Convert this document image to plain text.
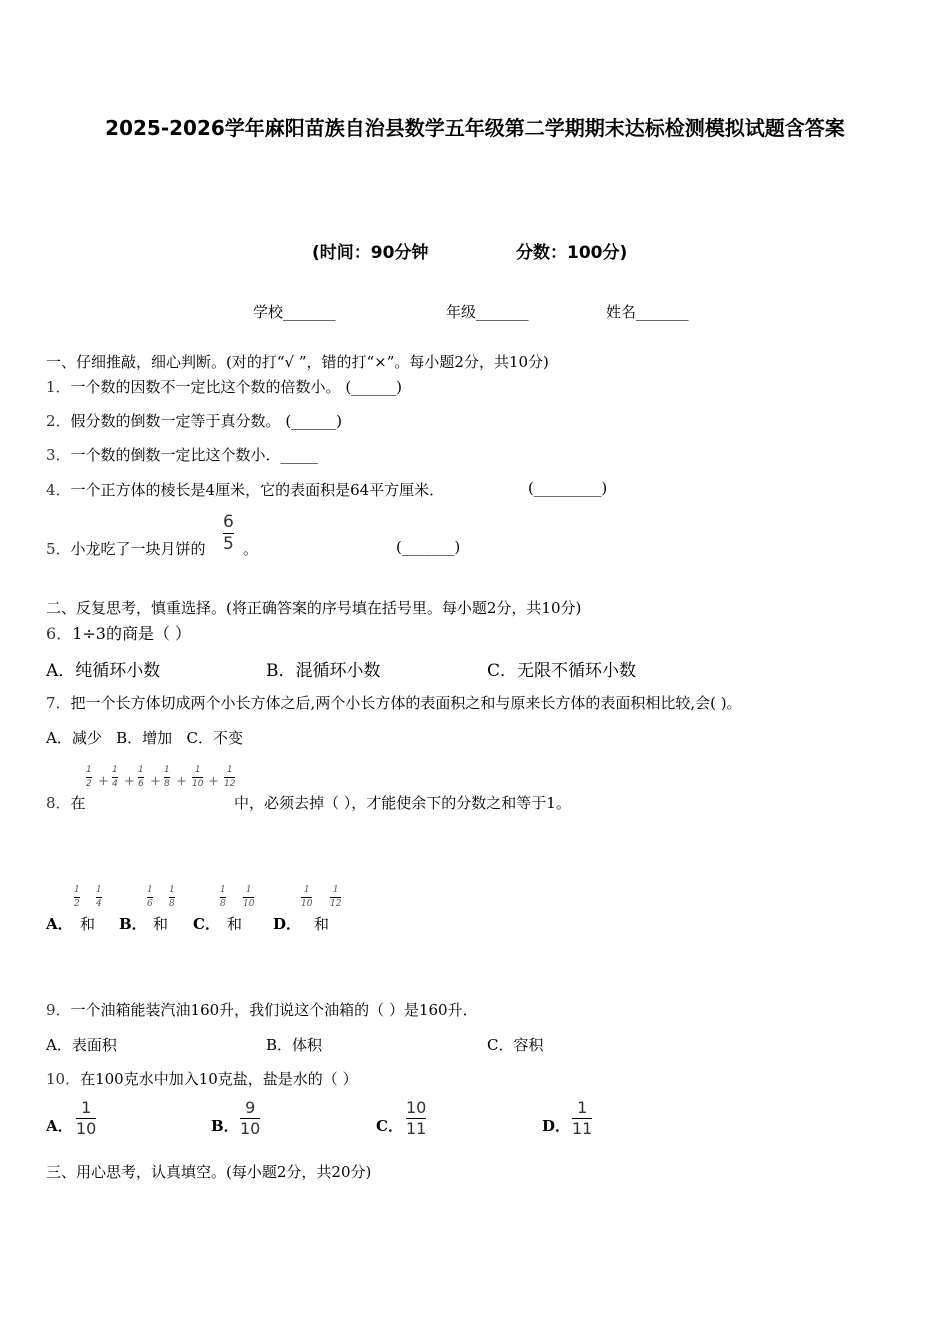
2025-2026学年麻阳苗族自治县数学五年级第二学期期末达标检测模拟试题含答案
(时间：90分钟	分数：100分)
学校_______	年级_______	姓名_______
一、仔细推敲，细心判断。(对的打“√ ”，错的打“×”。每小题2分，共10分)
1．一个数的因数不一定比这个数的倍数小。 (______)
2．假分数的倒数一定等于真分数。 (______)
3．一个数的倒数一定比这个数小．_____
4．一个正方体的棱长是4厘米，它的表面积是64平方厘米．	(_________)
5．小龙吃了一块月饼的
6
5 。	(_______)
二、反复思考，慎重选择。(将正确答案的序号填在括号里。每小题2分，共10分)
6．1÷3的商是（ ）
A．纯循环小数	B．混循环小数	C．无限不循环小数
7．把一个长方体切成两个小长方体之后,两个小长方体的表面积之和与原来长方体的表面积相比较,会( )。
A．减少   B．增加   C．不变
8．在
1
2 +
1
4 +
1
6 +
1
8 +
1
10 +
1
12
中，必须去掉（ ），才能使余下的分数之和等于1。
A．
1
2
1
4
和 B．
1
6
1
8
和 C．
1
8
1
10
和 D．
1
10
1
12
和
9．一个油箱能装汽油160升，我们说这个油箱的（ ）是160升．
A．表面积	B．体积	C．容积
10．在100克水中加入10克盐，盐是水的（ ）
A．
1
10	B．
9
10	C．
10
11	D．
1
11
三、用心思考，认真填空。(每小题2分，共20分)
